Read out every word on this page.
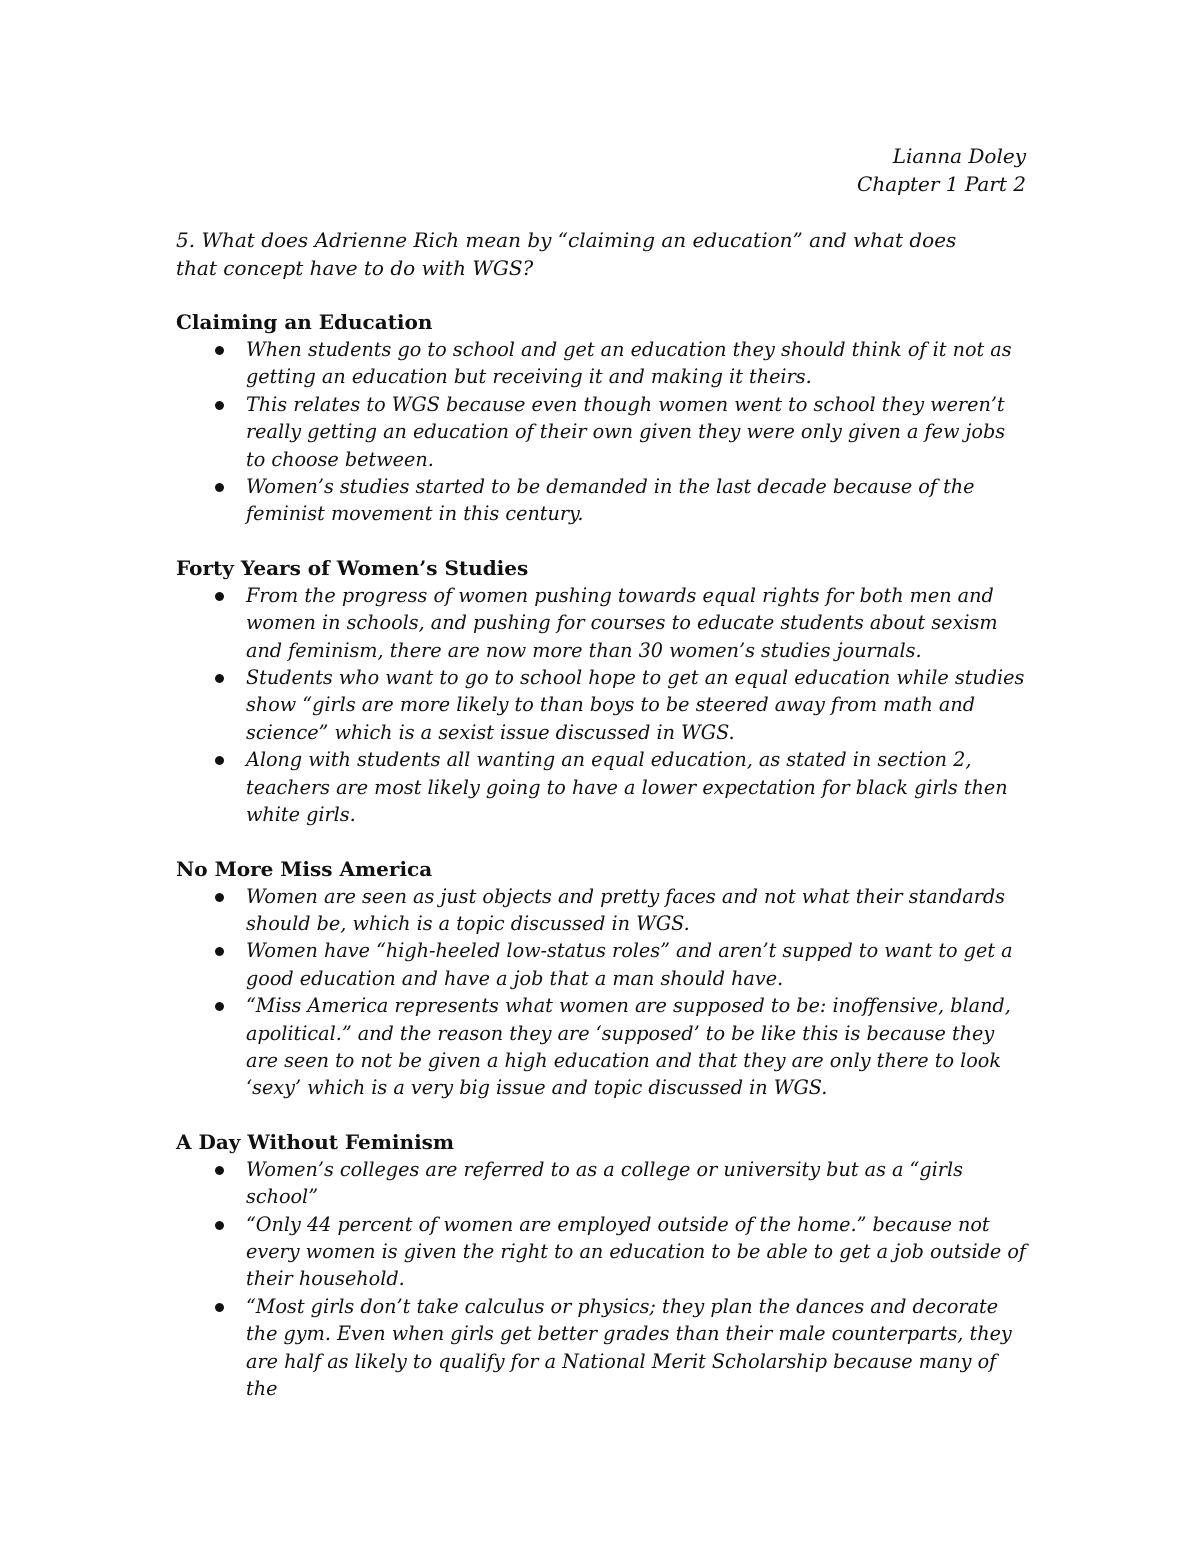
Lianna Doley
Chapter 1 Part 2
5. What does Adrienne Rich mean by “claiming an education” and what does that concept have to do with WGS?
Claiming an Education
When students go to school and get an education they should think of it not as getting an education but receiving it and making it theirs.
This relates to WGS because even though women went to school they weren’t really getting an education of their own given they were only given a few jobs to choose between.
Women’s studies started to be demanded in the last decade because of the feminist movement in this century.
Forty Years of Women’s Studies
From the progress of women pushing towards equal rights for both men and women in schools, and pushing for courses to educate students about sexism and feminism, there are now more than 30 women’s studies journals.
Students who want to go to school hope to get an equal education while studies show “girls are more likely to than boys to be steered away from math and science” which is a sexist issue discussed in WGS.
Along with students all wanting an equal education, as stated in section 2, teachers are most likely going to have a lower expectation for black girls then white girls.
No More Miss America
Women are seen as just objects and pretty faces and not what their standards should be, which is a topic discussed in WGS.
Women have “high-heeled low-status roles” and aren’t supped to want to get a good education and have a job that a man should have.
“Miss America represents what women are supposed to be: inoffensive, bland, apolitical.” and the reason they are ‘supposed’ to be like this is because they are seen to not be given a high education and that they are only there to look ‘sexy’ which is a very big issue and topic discussed in WGS.
A Day Without Feminism
Women’s colleges are referred to as a college or university but as a “girls school”
“Only 44 percent of women are employed outside of the home.” because not every women is given the right to an education to be able to get a job outside of their household.
“Most girls don’t take calculus or physics; they plan the dances and decorate the gym. Even when girls get better grades than their male counterparts, they are half as likely to qualify for a National Merit Scholarship because many of the
